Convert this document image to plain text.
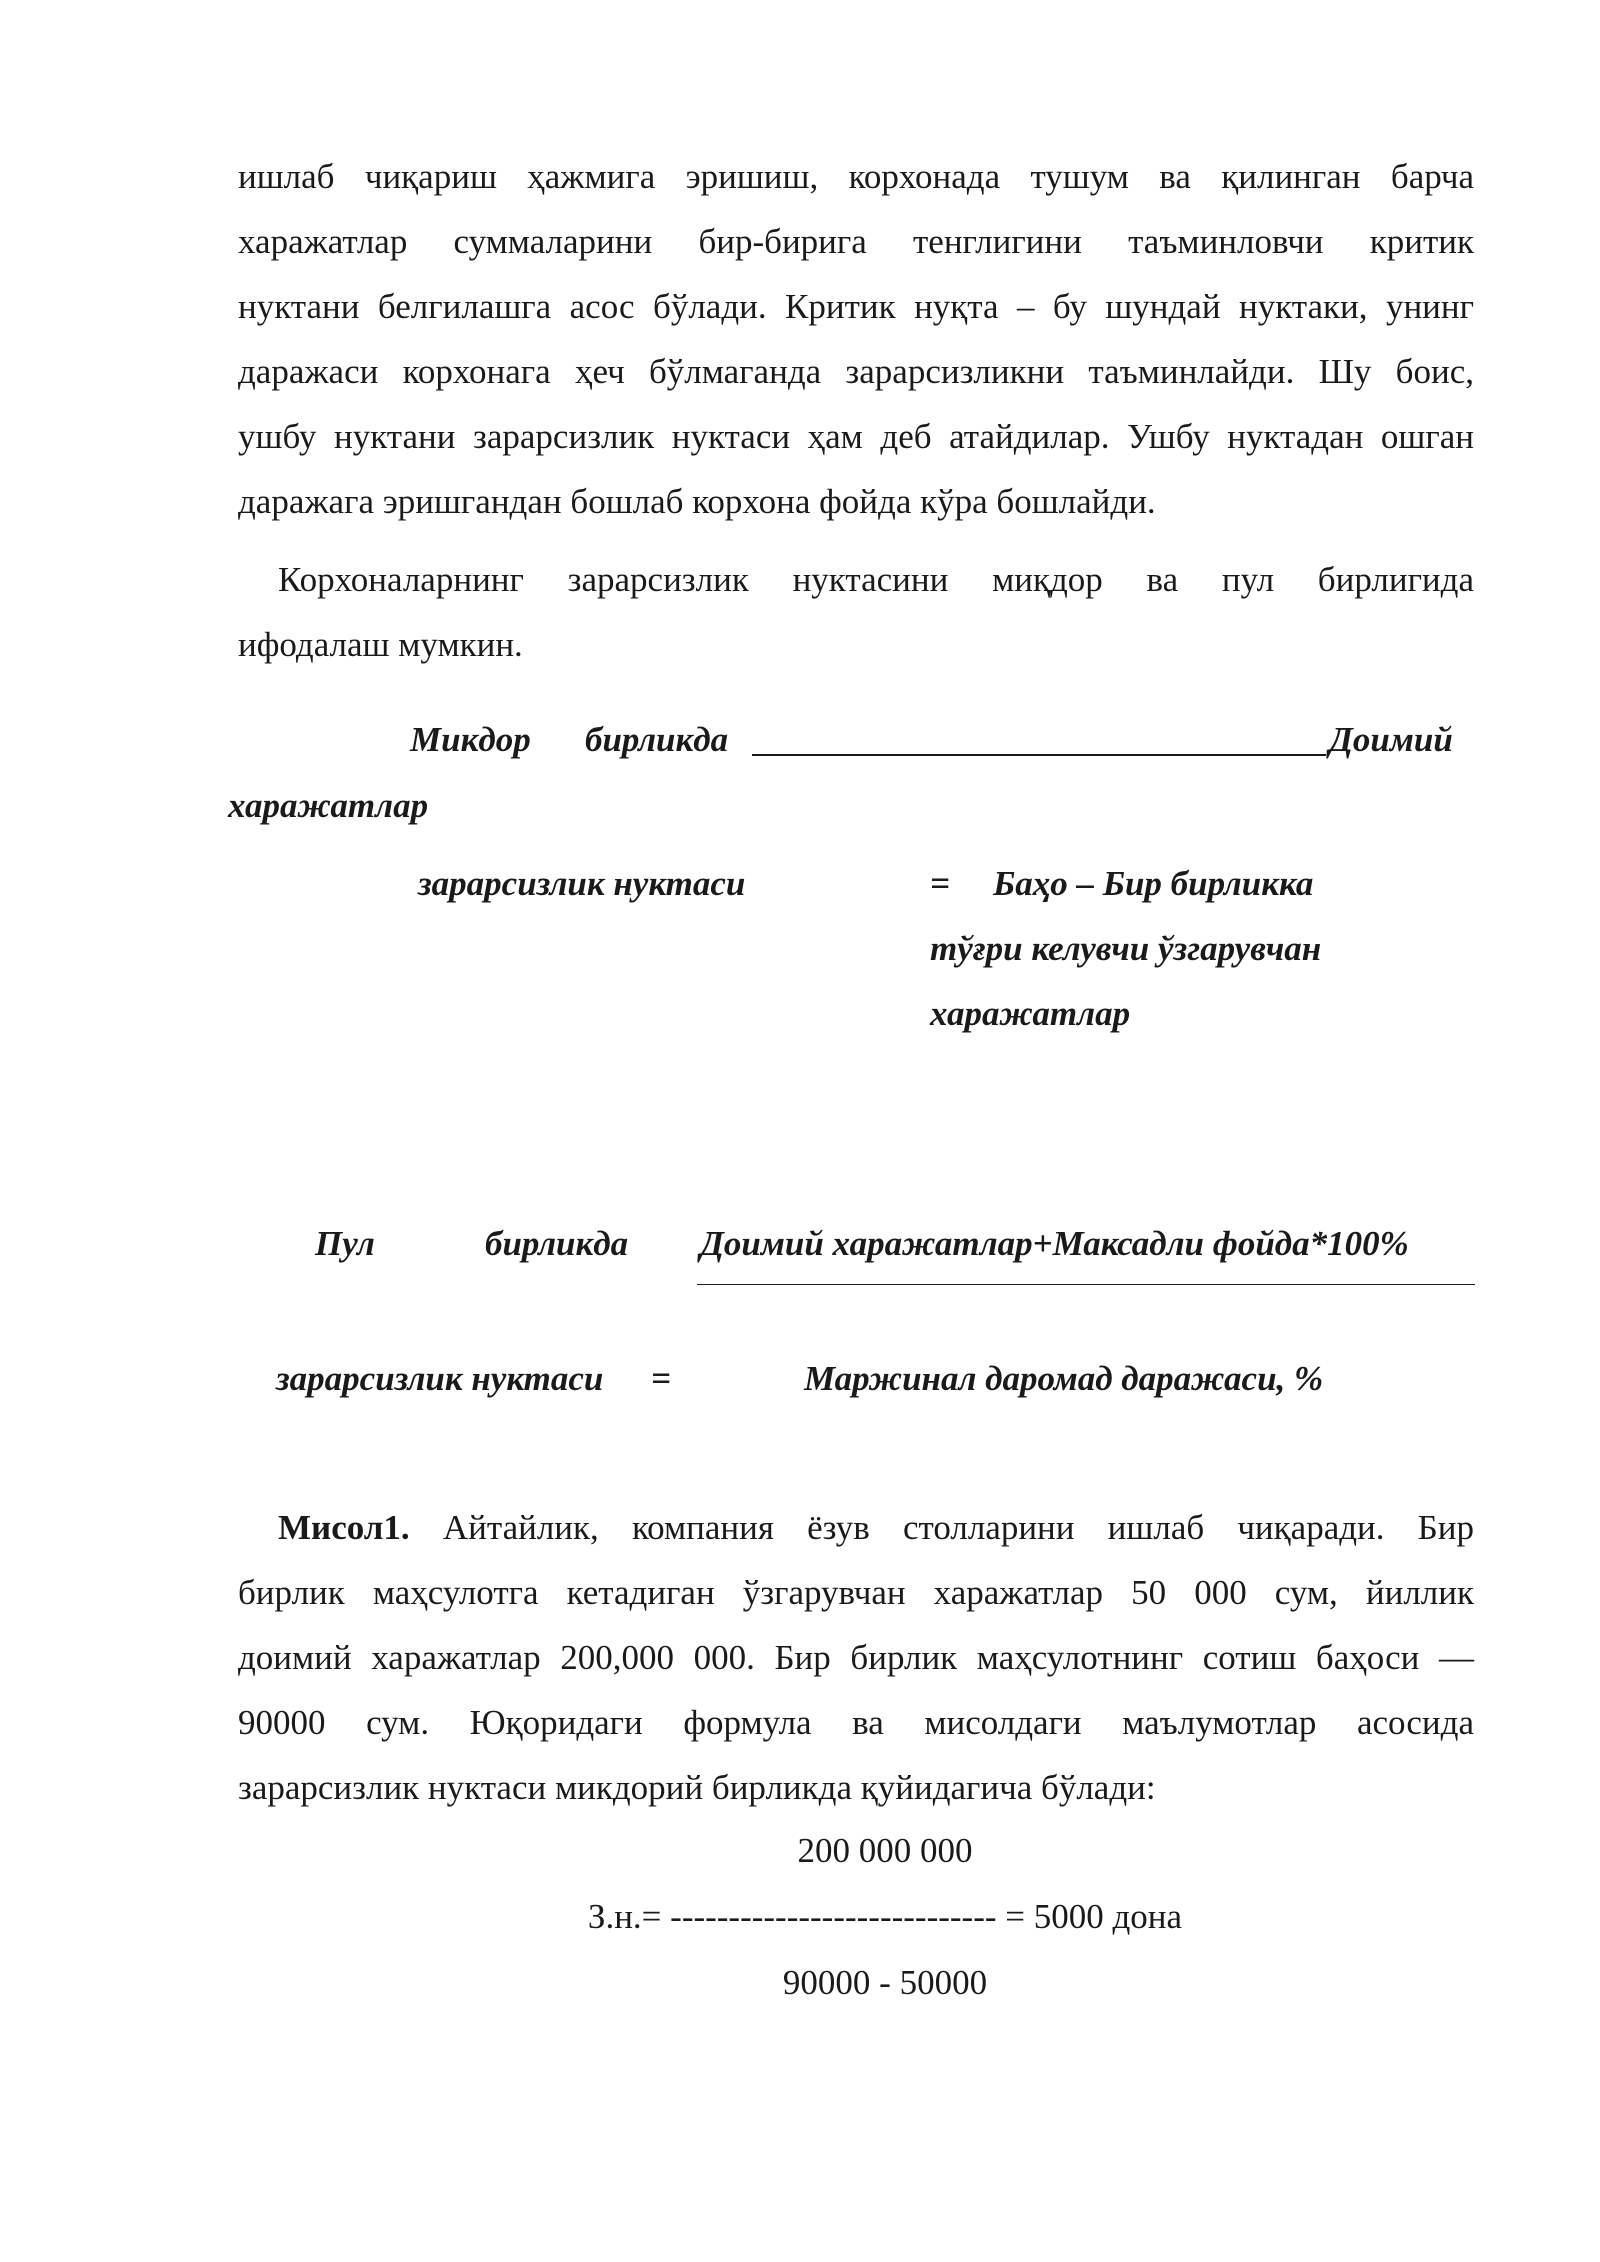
ишлаб чиқариш ҳажмига эришиш, корхонада тушум ва қилинган барча
харажатлар суммаларини бир-бирига тенглигини таъминловчи критик
нуктани белгилашга асос бўлади. Критик нуқта – бу шундай нуктаки, унинг
даражаси корхонага ҳеч бўлмаганда зарарсизликни таъминлайди. Шу боис,
ушбу нуктани зарарсизлик нуктаси ҳам деб атайдилар. Ушбу нуктадан ошган
даражага эришгандан бошлаб корхона фойда кўра бошлайди.
Корхоналарнинг зарарсизлик нуктасини миқдор ва пул бирлигида
ифодалаш мумкин.
Микдор бирликда	Доимий
харажатлар
зарарсизлик нуктаси	= Баҳо – Бир бирликка
тўғри келувчи ўзгарувчан
харажатлар
Пул	бирликда Доимий харажатлар+Максадли фойда*100%
зарарсизлик нуктаси =	Маржинал даромад даражаси, %
Мисол1. Айтайлик, компания ёзув столларини ишлаб чиқаради. Бир
бирлик маҳсулотга кетадиган ўзгарувчан харажатлар 50 000 сум, йиллик
доимий харажатлар 200,000 000. Бир бирлик маҳсулотнинг сотиш баҳоси —
90000 сум. Юқоридаги формула ва мисолдаги маълумотлар асосида
зарарсизлик нуктаси микдорий бирликда қуйидагича бўлади:
200 000 000
З.н.= ---------------------------- = 5000 дона
90000 - 50000
